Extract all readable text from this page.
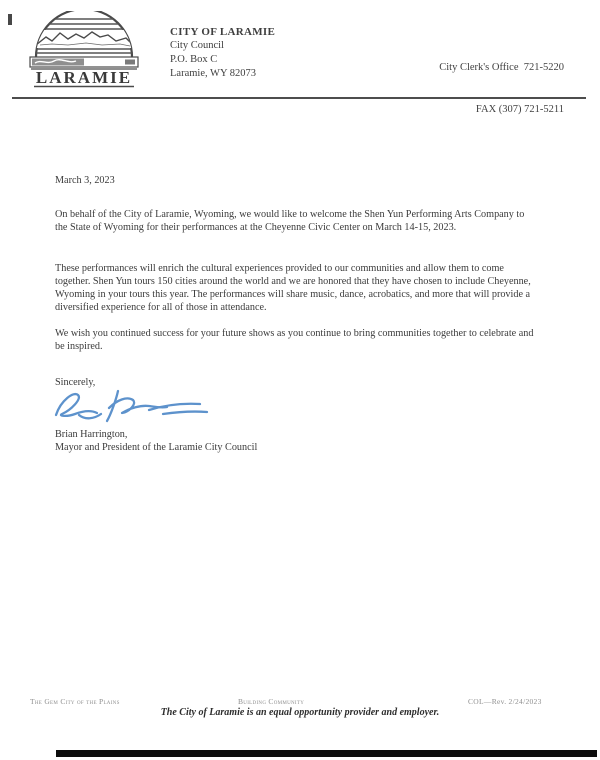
LARAMIE
CITY OF LARAMIE
City Council
P.O. Box C
Laramie, WY 82073

City Clerk's Office  721-5220

FAX (307) 721-5211

March 3, 2023
On behalf of the City of Laramie, Wyoming, we would like to welcome the Shen Yun Performing Arts Company to the State of Wyoming for their performances at the Cheyenne Civic Center on March 14-15, 2023.
These performances will enrich the cultural experiences provided to our communities and allow them to come together. Shen Yun tours 150 cities around the world and we are honored that they have chosen to include Cheyenne, Wyoming in your tours this year. The performances will share music, dance, acrobatics, and more that will provide a diversified experience for all of those in attendance.
We wish you continued success for your future shows as you continue to bring communities together to celebrate and be inspired.
Sincerely,
Brian Harrington,
Mayor and President of the Laramie City Council
The Gem City of the Plains	Building Community	COL—Rev. 2/24/2023
The City of Laramie is an equal opportunity provider and employer.
